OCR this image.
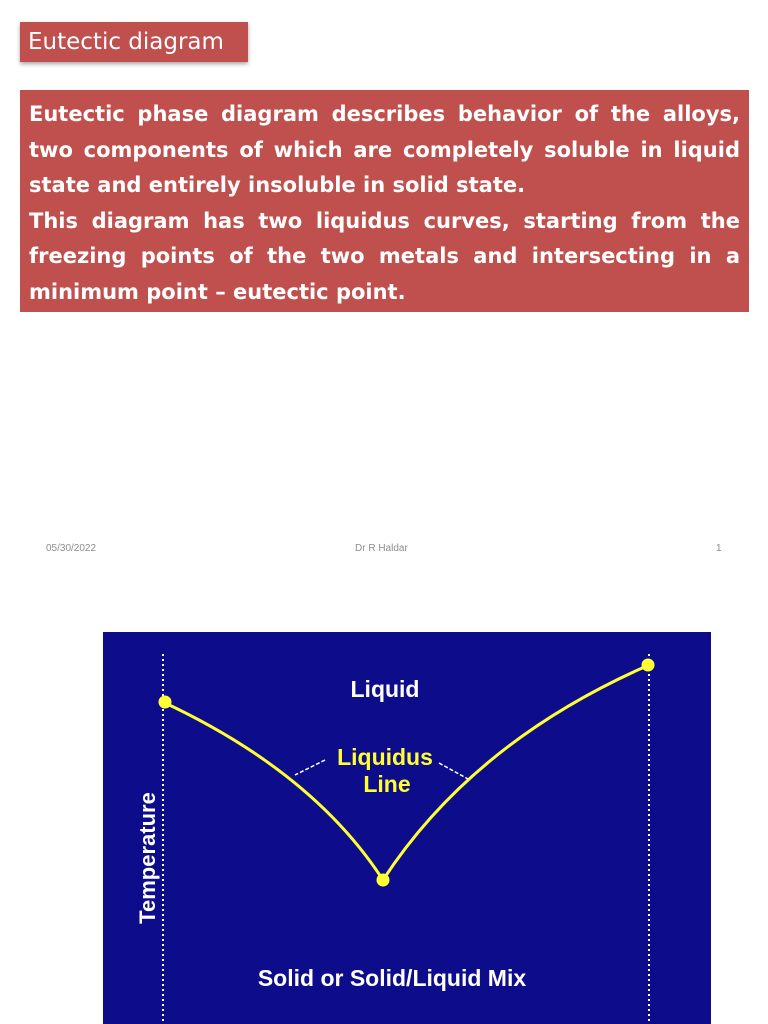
Eutectic diagram

Eutectic phase diagram describes behavior of the alloys, two components of which are completely soluble in liquid state and entirely insoluble in solid state.

This diagram has two liquidus curves, starting from the freezing points of the two metals and intersecting in a minimum point – eutectic point.

05/30/2022	Dr R Haldar	1
Liquid
Liquidus
Line
Solid or Solid/Liquid Mix
Temperature
